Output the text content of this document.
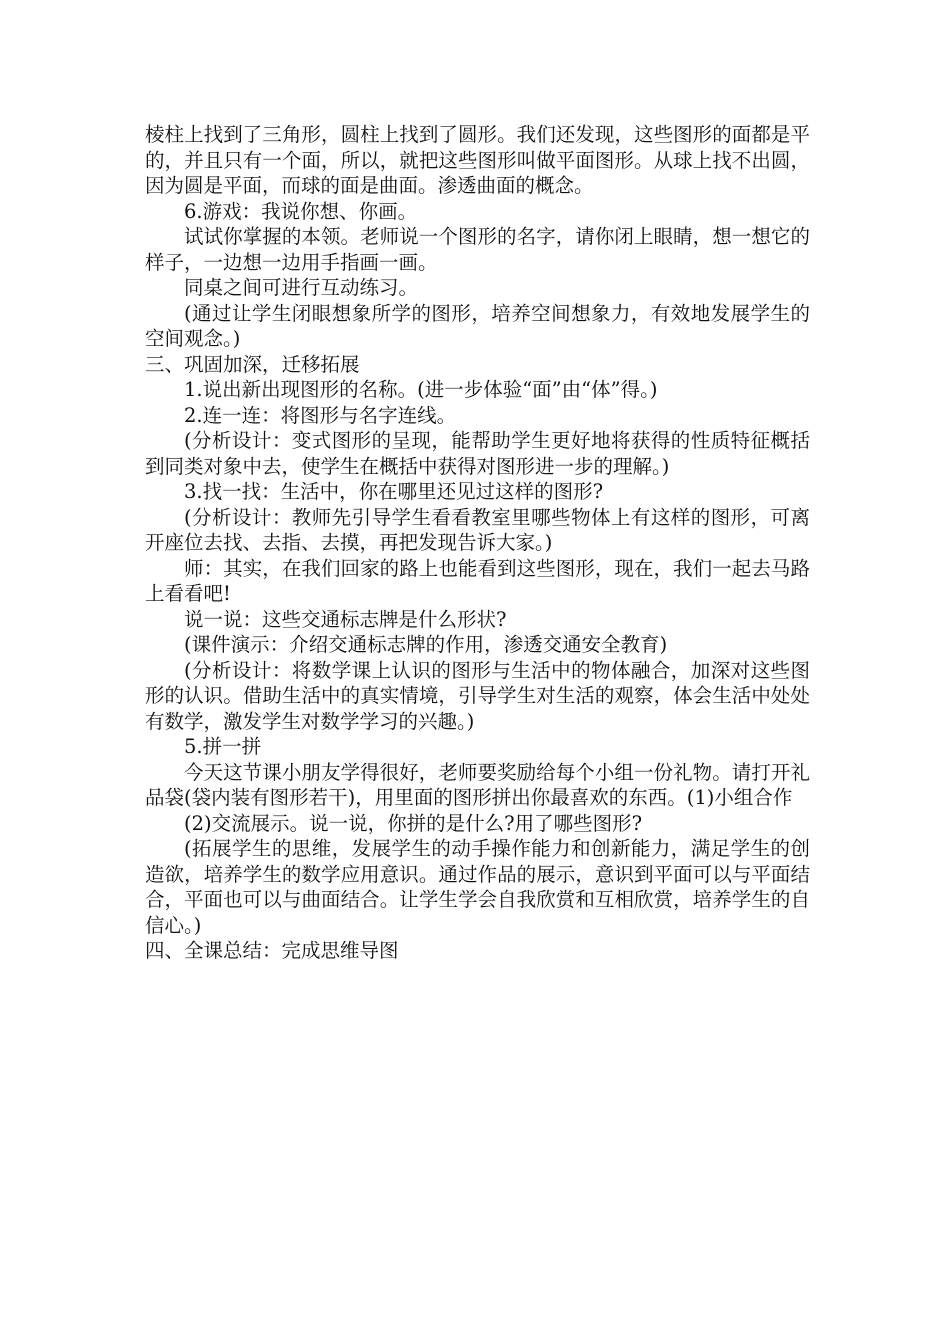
棱柱上找到了三角形，圆柱上找到了圆形。我们还发现，这些图形的面都是平的，并且只有一个面，所以，就把这些图形叫做平面图形。从球上找不出圆，因为圆是平面，而球的面是曲面。渗透曲面的概念。

6.游戏：我说你想、你画。

试试你掌握的本领。老师说一个图形的名字，请你闭上眼睛，想一想它的样子，一边想一边用手指画一画。

同桌之间可进行互动练习。

(通过让学生闭眼想象所学的图形，培养空间想象力，有效地发展学生的空间观念。)

三、巩固加深，迁移拓展

1.说出新出现图形的名称。(进一步体验“面”由“体”得。)

2.连一连：将图形与名字连线。

(分析设计：变式图形的呈现，能帮助学生更好地将获得的性质特征概括到同类对象中去，使学生在概括中获得对图形进一步的理解。)

3.找一找：生活中，你在哪里还见过这样的图形?

(分析设计：教师先引导学生看看教室里哪些物体上有这样的图形，可离开座位去找、去指、去摸，再把发现告诉大家。)

师：其实，在我们回家的路上也能看到这些图形，现在，我们一起去马路上看看吧!

说一说：这些交通标志牌是什么形状?

(课件演示：介绍交通标志牌的作用，渗透交通安全教育)

(分析设计：将数学课上认识的图形与生活中的物体融合，加深对这些图形的认识。借助生活中的真实情境，引导学生对生活的观察，体会生活中处处有数学，激发学生对数学学习的兴趣。)

5.拼一拼

今天这节课小朋友学得很好，老师要奖励给每个小组一份礼物。请打开礼品袋(袋内装有图形若干)，用里面的图形拼出你最喜欢的东西。(1)小组合作

(2)交流展示。说一说，你拼的是什么?用了哪些图形?

(拓展学生的思维，发展学生的动手操作能力和创新能力，满足学生的创造欲，培养学生的数学应用意识。通过作品的展示，意识到平面可以与平面结合，平面也可以与曲面结合。让学生学会自我欣赏和互相欣赏，培养学生的自信心。)

四、全课总结：完成思维导图
